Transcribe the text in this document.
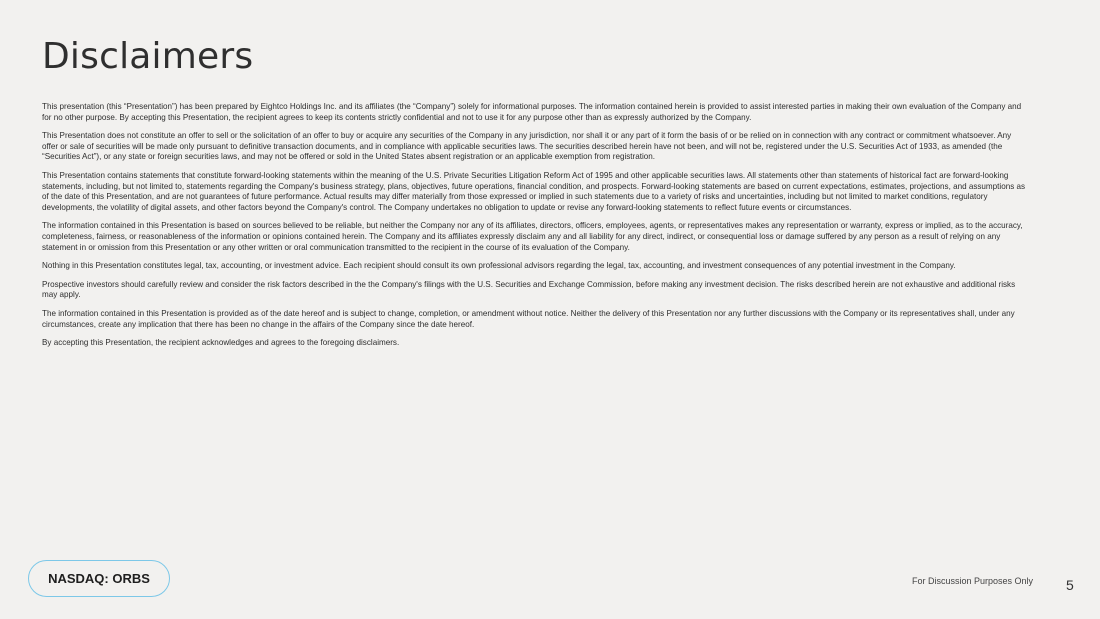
Disclaimers

This presentation (this “Presentation”) has been prepared by Eightco Holdings Inc. and its affiliates (the “Company”) solely for informational purposes. The information contained herein is provided to assist interested parties in making their own evaluation of the Company and for no other purpose. By accepting this Presentation, the recipient agrees to keep its contents strictly confidential and not to use it for any purpose other than as expressly authorized by the Company.

This Presentation does not constitute an offer to sell or the solicitation of an offer to buy or acquire any securities of the Company in any jurisdiction, nor shall it or any part of it form the basis of or be relied on in connection with any contract or commitment whatsoever. Any offer or sale of securities will be made only pursuant to definitive transaction documents, and in compliance with applicable securities laws. The securities described herein have not been, and will not be, registered under the U.S. Securities Act of 1933, as amended (the “Securities Act”), or any state or foreign securities laws, and may not be offered or sold in the United States absent registration or an applicable exemption from registration.

This Presentation contains statements that constitute forward-looking statements within the meaning of the U.S. Private Securities Litigation Reform Act of 1995 and other applicable securities laws. All statements other than statements of historical fact are forward-looking statements, including, but not limited to, statements regarding the Company's business strategy, plans, objectives, future operations, financial condition, and prospects. Forward-looking statements are based on current expectations, estimates, projections, and assumptions as of the date of this Presentation, and are not guarantees of future performance. Actual results may differ materially from those expressed or implied in such statements due to a variety of risks and uncertainties, including but not limited to market conditions, regulatory developments, the volatility of digital assets, and other factors beyond the Company's control. The Company undertakes no obligation to update or revise any forward-looking statements to reflect future events or circumstances.

The information contained in this Presentation is based on sources believed to be reliable, but neither the Company nor any of its affiliates, directors, officers, employees, agents, or representatives makes any representation or warranty, express or implied, as to the accuracy, completeness, fairness, or reasonableness of the information or opinions contained herein. The Company and its affiliates expressly disclaim any and all liability for any direct, indirect, or consequential loss or damage suffered by any person as a result of relying on any statement in or omission from this Presentation or any other written or oral communication transmitted to the recipient in the course of its evaluation of the Company.

Nothing in this Presentation constitutes legal, tax, accounting, or investment advice. Each recipient should consult its own professional advisors regarding the legal, tax, accounting, and investment consequences of any potential investment in the Company.

Prospective investors should carefully review and consider the risk factors described in the the Company's filings with the U.S. Securities and Exchange Commission, before making any investment decision. The risks described herein are not exhaustive and additional risks may apply.

The information contained in this Presentation is provided as of the date hereof and is subject to change, completion, or amendment without notice. Neither the delivery of this Presentation nor any further discussions with the Company or its representatives shall, under any circumstances, create any implication that there has been no change in the affairs of the Company since the date hereof.

By accepting this Presentation, the recipient acknowledges and agrees to the foregoing disclaimers.

NASDAQ: ORBS	For Discussion Purposes Only 5
